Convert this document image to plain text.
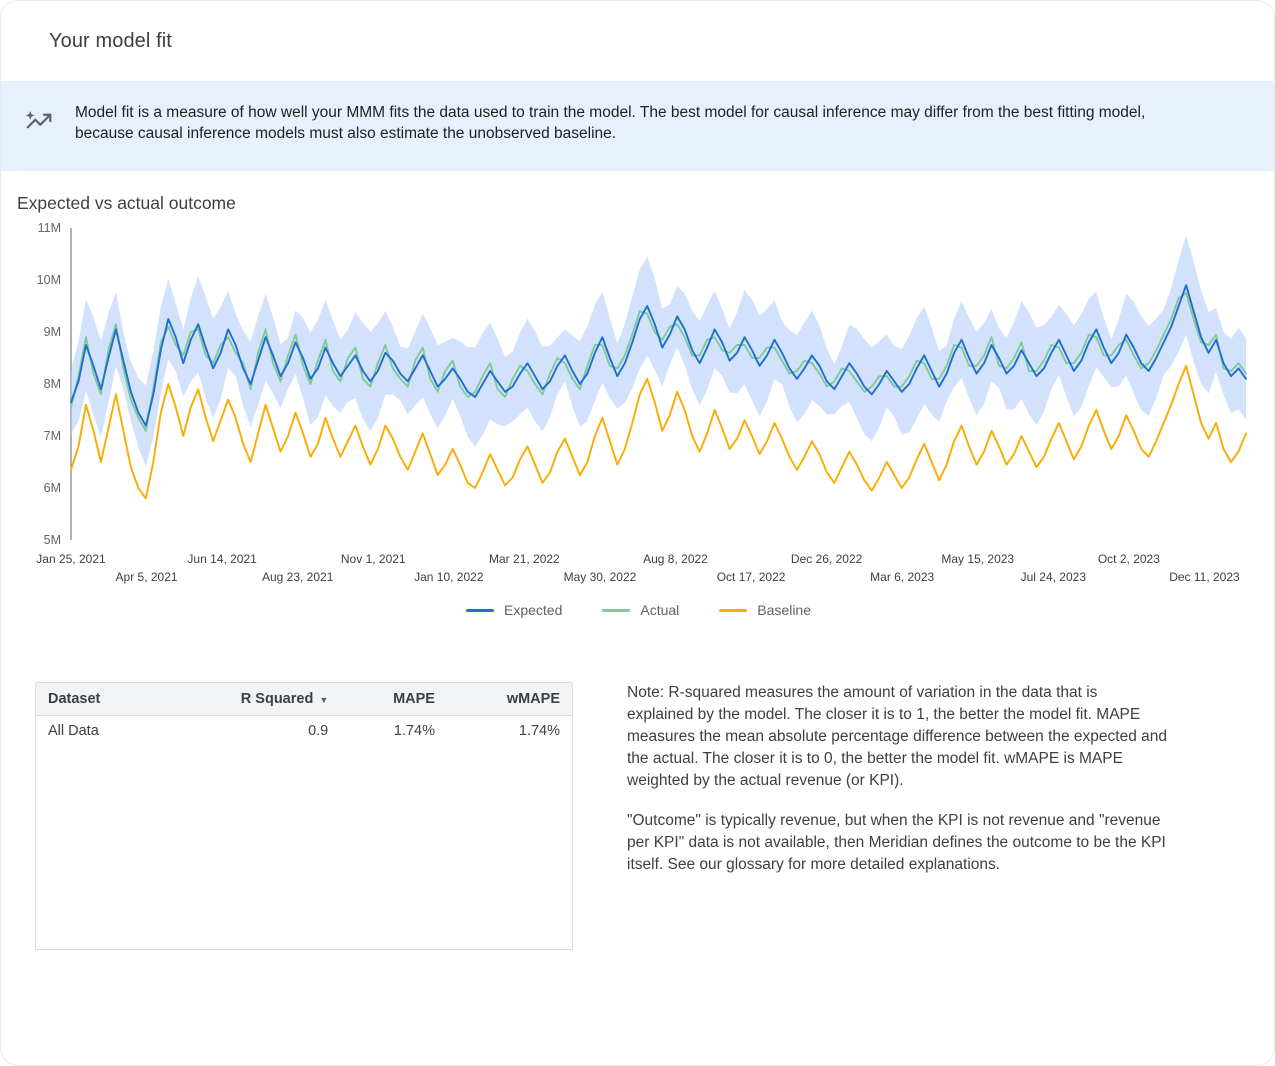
Your model fit
Model fit is a measure of how well your MMM fits the data used to train the model. The best model for causal inference may differ from the best fitting model, because causal inference models must also estimate the unobserved baseline.
Expected vs actual outcome
5M
6M
7M
8M
9M
10M
11M
Jan 25, 2021
Apr 5, 2021
Jun 14, 2021
Aug 23, 2021
Nov 1, 2021
Jan 10, 2022
Mar 21, 2022
May 30, 2022
Aug 8, 2022
Oct 17, 2022
Dec 26, 2022
Mar 6, 2023
May 15, 2023
Jul 24, 2023
Oct 2, 2023
Dec 11, 2023
Expected	Actual	Baseline
Dataset	R Squared ▼	MAPE	wMAPE
All Data	0.9	1.74%	1.74%

Note: R-squared measures the amount of variation in the data that is explained by the model. The closer it is to 1, the better the model fit. MAPE measures the mean absolute percentage difference between the expected and the actual. The closer it is to 0, the better the model fit. wMAPE is MAPE weighted by the actual revenue (or KPI).

"Outcome" is typically revenue, but when the KPI is not revenue and "revenue per KPI" data is not available, then Meridian defines the outcome to be the KPI itself. See our glossary for more detailed explanations.
